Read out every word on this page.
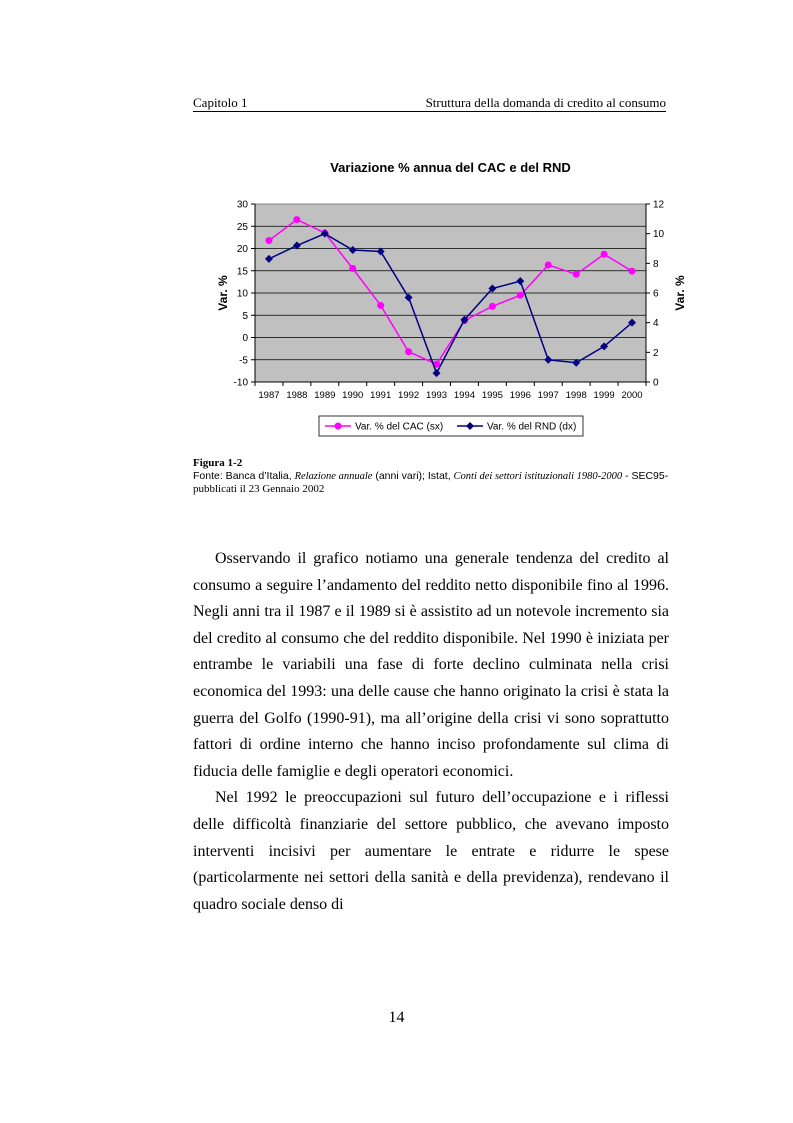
Capitolo 1	Struttura della domanda di credito al consumo
Variazione % annua del CAC e del RND
-10
-5
0
5
10
15
20
25
30
0
2
4
6
8
10
12
1987 1988 1989 1990 1991 1992 1993 1994 1995 1996 1997 1998 1999 2000
Var. %	Var. %
Var. % del CAC (sx)	Var. % del RND (dx)
Figura 1-2
Fonte: Banca d’Italia, Relazione annuale (anni vari); Istat, Conti dei settori istituzionali 1980-2000 - SEC95-
pubblicati il 23 Gennaio 2002

Osservando il grafico notiamo una generale tendenza del credito al consumo a seguire l’andamento del reddito netto disponibile fino al 1996. Negli anni tra il 1987 e il 1989 si è assistito ad un notevole incremento sia del credito al consumo che del reddito disponibile. Nel 1990 è iniziata per entrambe le variabili una fase di forte declino culminata nella crisi economica del 1993: una delle cause che hanno originato la crisi è stata la guerra del Golfo (1990-91), ma all’origine della crisi vi sono soprattutto fattori di ordine interno che hanno inciso profondamente sul clima di fiducia delle famiglie e degli operatori economici.

Nel 1992 le preoccupazioni sul futuro dell’occupazione e i riflessi delle difficoltà finanziarie del settore pubblico, che avevano imposto interventi incisivi per aumentare le entrate e ridurre le spese (particolarmente nei settori della sanità e della previdenza), rendevano il quadro sociale denso di

14
